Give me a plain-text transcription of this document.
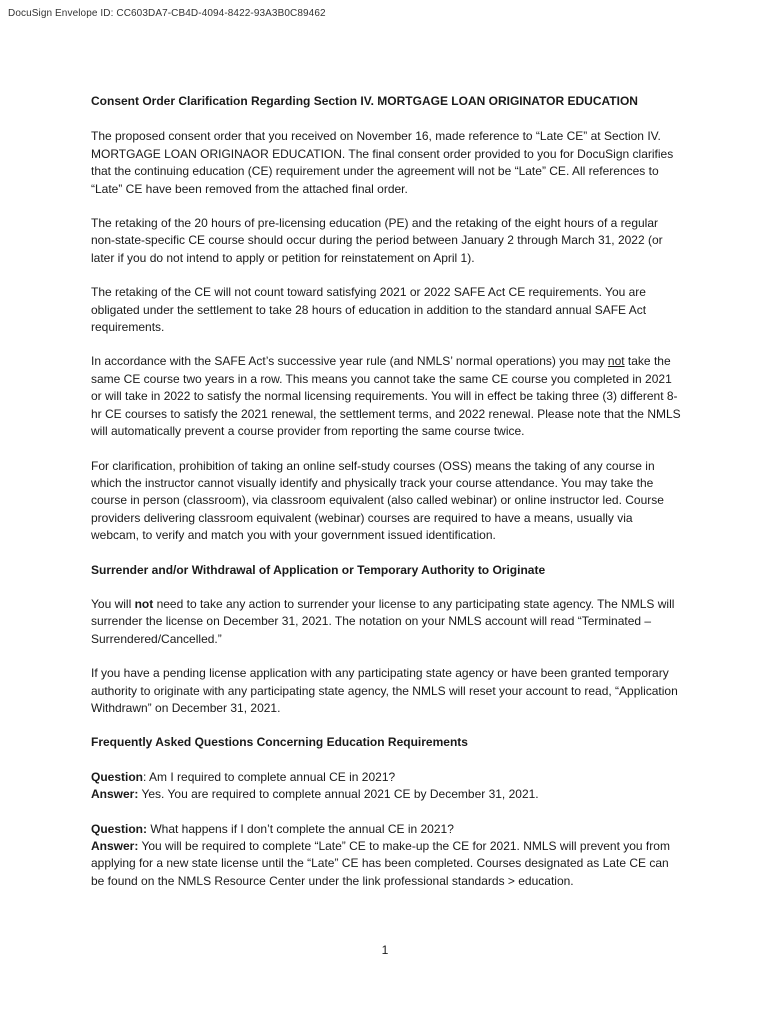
DocuSign Envelope ID: CC603DA7-CB4D-4094-8422-93A3B0C89462

Consent Order Clarification Regarding Section IV. MORTGAGE LOAN ORIGINATOR EDUCATION

The proposed consent order that you received on November 16, made reference to “Late CE” at Section IV. MORTGAGE LOAN ORIGINAOR EDUCATION. The final consent order provided to you for DocuSign clarifies that the continuing education (CE) requirement under the agreement will not be “Late” CE. All references to “Late” CE have been removed from the attached final order.

The retaking of the 20 hours of pre-licensing education (PE) and the retaking of the eight hours of a regular non-state-specific CE course should occur during the period between January 2 through March 31, 2022 (or later if you do not intend to apply or petition for reinstatement on April 1).

The retaking of the CE will not count toward satisfying 2021 or 2022 SAFE Act CE requirements. You are obligated under the settlement to take 28 hours of education in addition to the standard annual SAFE Act requirements.

In accordance with the SAFE Act’s successive year rule (and NMLS’ normal operations) you may not take the same CE course two years in a row. This means you cannot take the same CE course you completed in 2021 or will take in 2022 to satisfy the normal licensing requirements. You will in effect be taking three (3) different 8-hr CE courses to satisfy the 2021 renewal, the settlement terms, and 2022 renewal. Please note that the NMLS will automatically prevent a course provider from reporting the same course twice.

For clarification, prohibition of taking an online self-study courses (OSS) means the taking of any course in which the instructor cannot visually identify and physically track your course attendance. You may take the course in person (classroom), via classroom equivalent (also called webinar) or online instructor led. Course providers delivering classroom equivalent (webinar) courses are required to have a means, usually via webcam, to verify and match you with your government issued identification.

Surrender and/or Withdrawal of Application or Temporary Authority to Originate

You will not need to take any action to surrender your license to any participating state agency. The NMLS will surrender the license on December 31, 2021. The notation on your NMLS account will read “Terminated – Surrendered/Cancelled.”

If you have a pending license application with any participating state agency or have been granted temporary authority to originate with any participating state agency, the NMLS will reset your account to read, “Application Withdrawn” on December 31, 2021.

Frequently Asked Questions Concerning Education Requirements

Question: Am I required to complete annual CE in 2021?
Answer: Yes. You are required to complete annual 2021 CE by December 31, 2021.

Question: What happens if I don’t complete the annual CE in 2021?
Answer: You will be required to complete “Late” CE to make-up the CE for 2021. NMLS will prevent you from applying for a new state license until the “Late” CE has been completed. Courses designated as Late CE can be found on the NMLS Resource Center under the link professional standards > education.

1
